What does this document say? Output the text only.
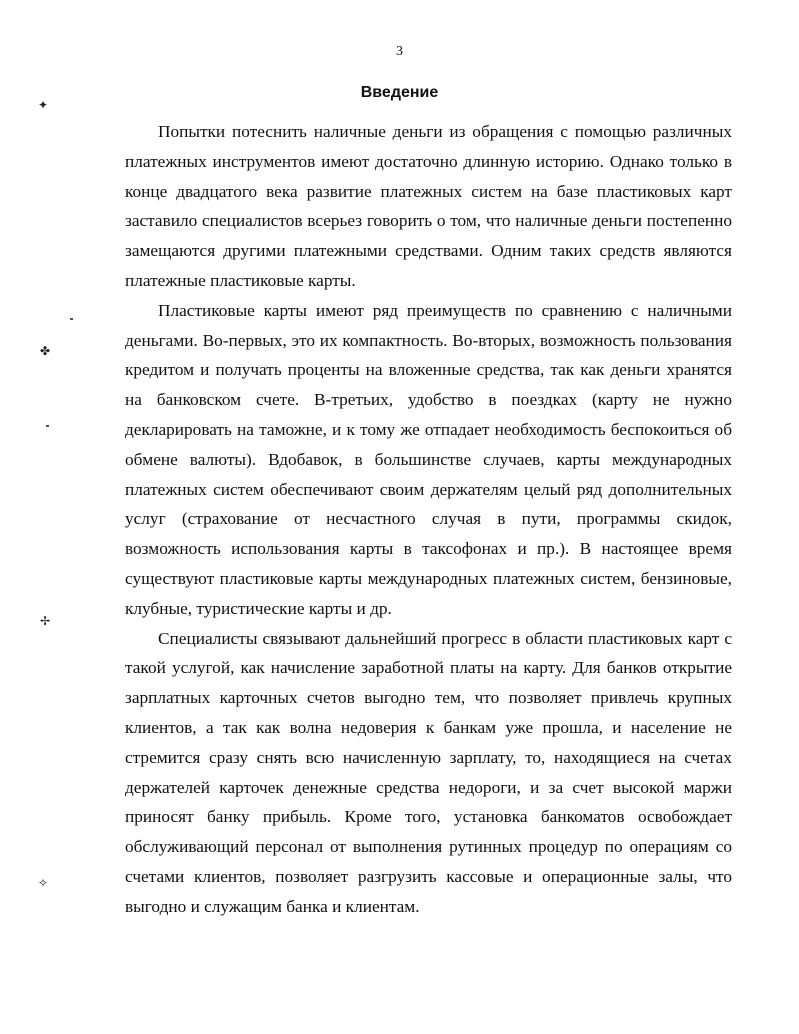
3
Введение

Попытки потеснить наличные деньги из обращения с помощью различных платежных инструментов имеют достаточно длинную историю. Однако только в конце двадцатого века развитие платежных систем на базе пластиковых карт заставило специалистов всерьез говорить о том, что наличные деньги постепенно замещаются другими платежными средствами. Одним таких средств являются платежные пластиковые карты.

Пластиковые карты имеют ряд преимуществ по сравнению с наличными деньгами. Во-первых, это их компактность. Во-вторых, возможность пользования кредитом и получать проценты на вложенные средства, так как деньги хранятся на банковском счете. В-третьих, удобство в поездках (карту не нужно декларировать на таможне, и к тому же отпадает необходимость беспокоиться об обмене валюты). Вдобавок, в большинстве случаев, карты международных платежных систем обеспечивают своим держателям целый ряд дополнительных услуг (страхование от несчастного случая в пути, программы скидок, возможность использования карты в таксофонах и пр.). В настоящее время существуют пластиковые карты международных платежных систем, бензиновые, клубные, туристические карты и др.

Специалисты связывают дальнейший прогресс в области пластиковых карт с такой услугой, как начисление заработной платы на карту. Для банков открытие зарплатных карточных счетов выгодно тем, что позволяет привлечь крупных клиентов, а так как волна недоверия к банкам уже прошла, и население не стремится сразу снять всю начисленную зарплату, то, находящиеся на счетах держателей карточек денежные средства недороги, и за счет высокой маржи приносят банку прибыль. Кроме того, установка банкоматов освобождает обслуживающий персонал от выполнения рутинных процедур по операциям со счетами клиентов, позволяет разгрузить кассовые и операционные залы, что выгодно и служащим банка и клиентам.

✦
✤
✢
✧
